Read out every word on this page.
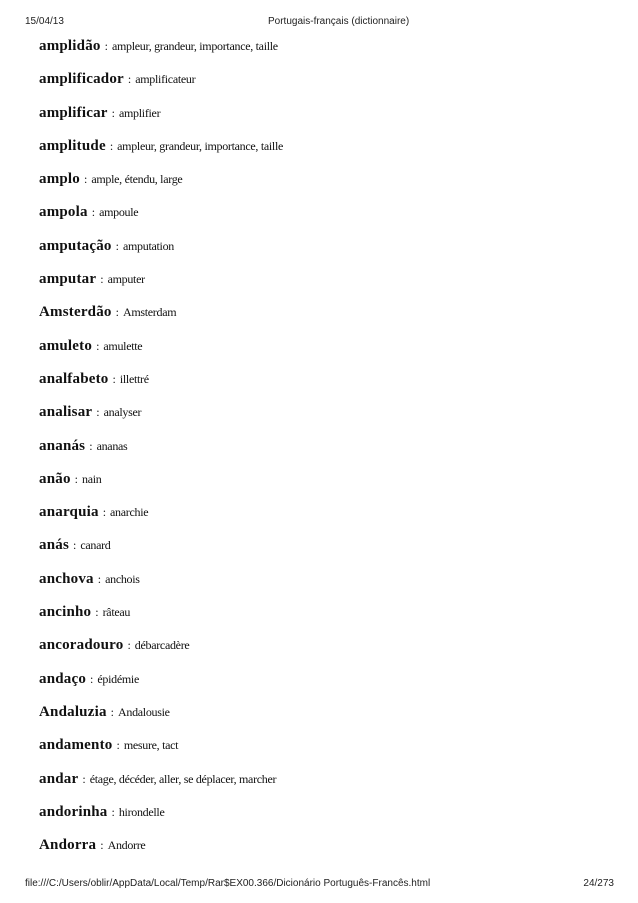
15/04/13	Portugais-français (dictionnaire)
amplidão : ampleur, grandeur, importance, taille
amplificador : amplificateur
amplificar : amplifier
amplitude : ampleur, grandeur, importance, taille
amplo : ample, étendu, large
ampola : ampoule
amputação : amputation
amputar : amputer
Amsterdão : Amsterdam
amuleto : amulette
analfabeto : illettré
analisar : analyser
ananás : ananas
anão : nain
anarquia : anarchie
anás : canard
anchova : anchois
ancinho : râteau
ancoradouro : débarcadère
andaço : épidémie
Andaluzia : Andalousie
andamento : mesure, tact
andar : étage, décéder, aller, se déplacer, marcher
andorinha : hirondelle
Andorra : Andorre
file:///C:/Users/oblir/AppData/Local/Temp/Rar$EX00.366/Dicionário Português-Francês.html	24/273
